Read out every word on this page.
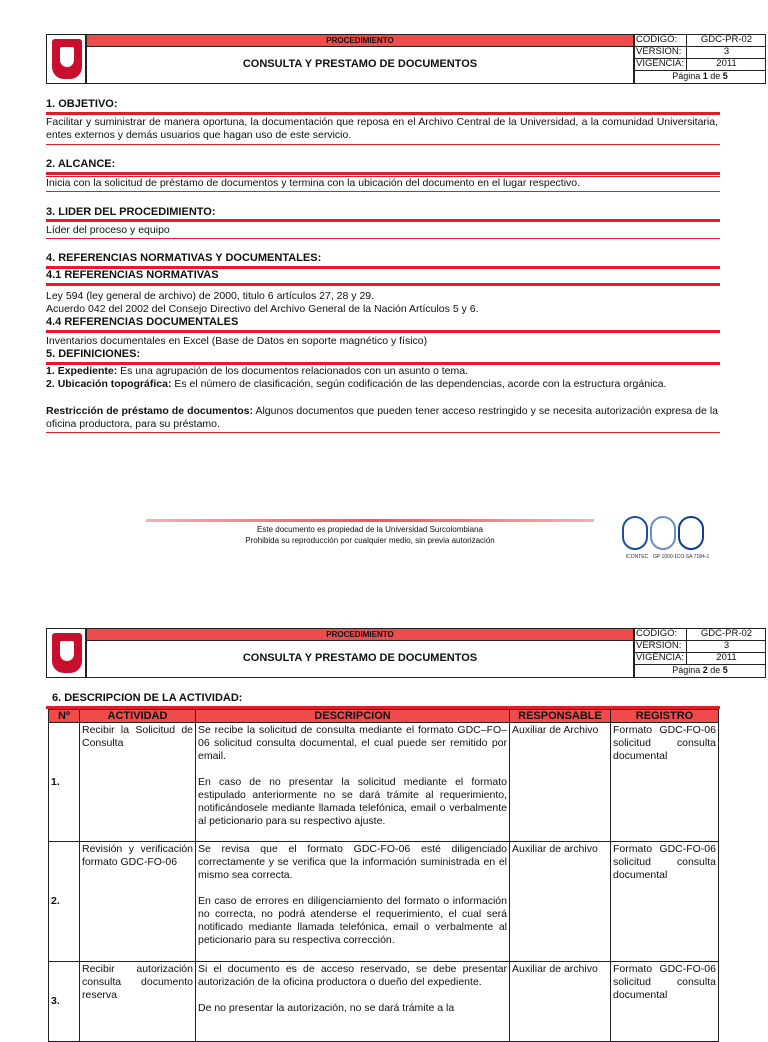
PROCEDIMIENTO
CONSULTA Y PRESTAMO DE DOCUMENTOS
CODIGO:	GDC-PR-02
VERSION:	3
VIGENCIA:	2011
Página 1 de 5
1. OBJETIVO:
Facilitar y suministrar de manera oportuna, la documentación que reposa en el Archivo Central de la Universidad, a la comunidad Universitaria, entes externos y demás usuarios que hagan uso de este servicio.
2. ALCANCE:
Inicia con la solicitud de préstamo de documentos y termina con la ubicación del documento en el lugar respectivo.
3. LIDER DEL PROCEDIMIENTO:
Líder del proceso y equipo
4. REFERENCIAS NORMATIVAS Y DOCUMENTALES:
4.1 REFERENCIAS NORMATIVAS
Ley 594 (ley general de archivo) de 2000, titulo 6 artículos 27, 28 y 29.
Acuerdo 042 del 2002 del Consejo Directivo del Archivo General de la Nación Artículos 5 y 6.
4.4 REFERENCIAS DOCUMENTALES
Inventarios documentales en Excel (Base de Datos en soporte magnético y físico)
5. DEFINICIONES:
1. Expediente: Es una agrupación de los documentos relacionados con un asunto o tema.
2. Ubicación topográfica: Es el número de clasificación, según codificación de las dependencias, acorde con la estructura orgánica.
Restricción de préstamo de documentos: Algunos documentos que pueden tener acceso restringido y se necesita autorización expresa de la oficina productora, para su préstamo.
Este documento es propiedad de la Universidad Surcolombiana
Prohibida su reproducción por cualquier medio, sin previa autorización
ICONTEC GP 1000-1 CO-SA 7184-1
PROCEDIMIENTO
CONSULTA Y PRESTAMO DE DOCUMENTOS
CODIGO:	GDC-PR-02
VERSION:	3
VIGENCIA:	2011
Página 2 de 5
6. DESCRIPCION DE LA ACTIVIDAD:
Nº	ACTIVIDAD	DESCRIPCION	RESPONSABLE	REGISTRO
1.	Recibir la Solicitud de Consulta	Se recibe la solicitud de consulta mediante el formato GDC–FO–06 solicitud consulta documental, el cual puede ser remitido por email.
En caso de no presentar la solicitud mediante el formato estipulado anteriormente no se dará trámite al requerimiento, notificándosele mediante llamada telefónica, email o verbalmente al peticionario para su respectivo ajuste.	Auxiliar de Archivo	Formato GDC-FO-06 solicitud consulta documental
2.	Revisión y verificación formato GDC-FO-06	Se revisa que el formato GDC-FO-06 esté diligenciado correctamente y se verifica que la información suministrada en el mismo sea correcta.
En caso de errores en diligenciamiento del formato o información no correcta, no podrá atenderse el requerimiento, el cual será notificado mediante llamada telefónica, email o verbalmente al peticionario para su respectiva corrección.	Auxiliar de archivo	Formato GDC-FO-06 solicitud consulta documental
3.	Recibir autorización consulta documento reserva	Si el documento es de acceso reservado, se debe presentar autorización de la oficina productora o dueño del expediente.
De no presentar la autorización, no se dará trámite a la	Auxiliar de archivo	Formato GDC-FO-06 solicitud consulta documental
